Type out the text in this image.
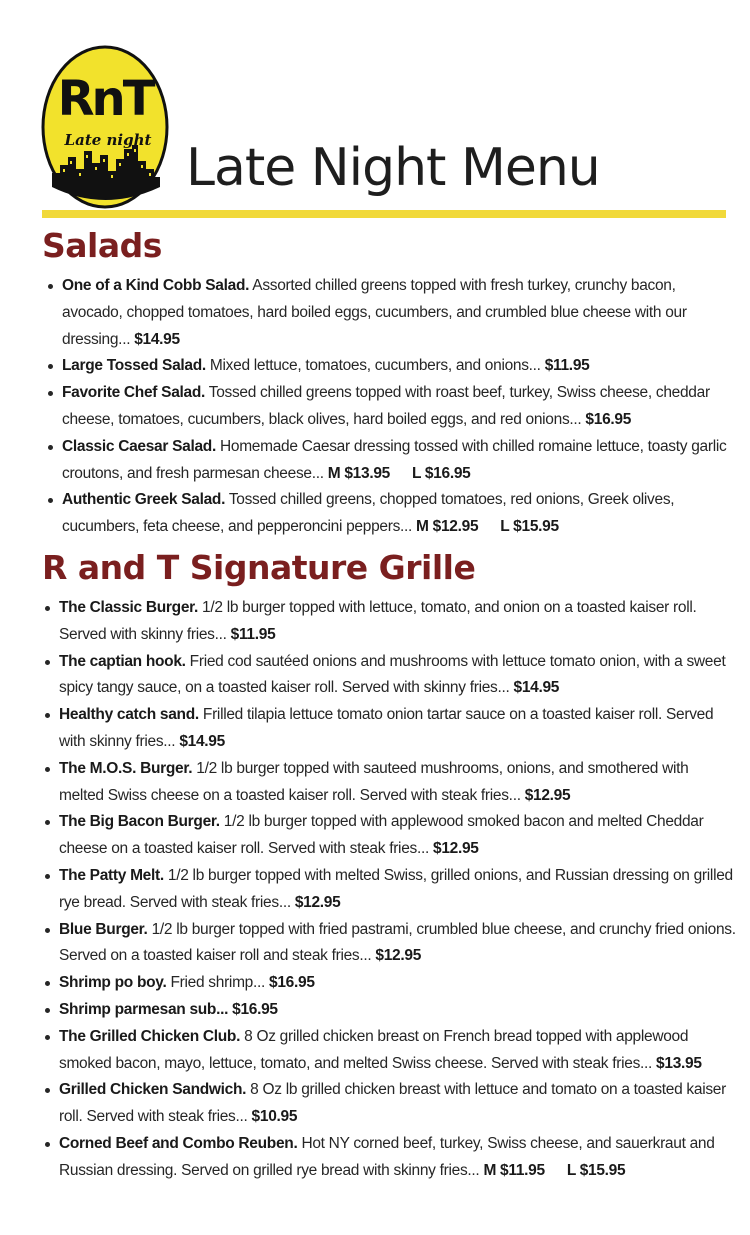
RnT
Late night Late Night Menu
Salads
One of a Kind Cobb Salad. Assorted chilled greens topped with fresh turkey, crunchy bacon, avocado, chopped tomatoes, hard boiled eggs, cucumbers, and crumbled blue cheese with our dressing... $14.95
Large Tossed Salad. Mixed lettuce, tomatoes, cucumbers, and onions... $11.95
Favorite Chef Salad. Tossed chilled greens topped with roast beef, turkey, Swiss cheese, cheddar cheese, tomatoes, cucumbers, black olives, hard boiled eggs, and red onions... $16.95
Classic Caesar Salad. Homemade Caesar dressing tossed with chilled romaine lettuce, toasty garlic croutons, and fresh parmesan cheese... M $13.95 L $16.95
Authentic Greek Salad. Tossed chilled greens, chopped tomatoes, red onions, Greek olives, cucumbers, feta cheese, and pepperoncini peppers... M $12.95 L $15.95
R and T Signature Grille
The Classic Burger. 1/2 lb burger topped with lettuce, tomato, and onion on a toasted kaiser roll. Served with skinny fries... $11.95
The captian hook. Fried cod sautéed onions and mushrooms with lettuce tomato onion, with a sweet spicy tangy sauce, on a toasted kaiser roll. Served with skinny fries... $14.95
Healthy catch sand. Frilled tilapia lettuce tomato onion tartar sauce on a toasted kaiser roll. Served with skinny fries... $14.95
The M.O.S. Burger. 1/2 lb burger topped with sauteed mushrooms, onions, and smothered with melted Swiss cheese on a toasted kaiser roll. Served with steak fries... $12.95
The Big Bacon Burger. 1/2 lb burger topped with applewood smoked bacon and melted Cheddar cheese on a toasted kaiser roll. Served with steak fries... $12.95
The Patty Melt. 1/2 lb burger topped with melted Swiss, grilled onions, and Russian dressing on grilled rye bread. Served with steak fries... $12.95
Blue Burger. 1/2 lb burger topped with fried pastrami, crumbled blue cheese, and crunchy fried onions. Served on a toasted kaiser roll and steak fries... $12.95
Shrimp po boy. Fried shrimp... $16.95
Shrimp parmesan sub... $16.95
The Grilled Chicken Club. 8 Oz grilled chicken breast on French bread topped with applewood smoked bacon, mayo, lettuce, tomato, and melted Swiss cheese. Served with steak fries... $13.95
Grilled Chicken Sandwich. 8 Oz lb grilled chicken breast with lettuce and tomato on a toasted kaiser roll. Served with steak fries... $10.95
Corned Beef and Combo Reuben. Hot NY corned beef, turkey, Swiss cheese, and sauerkraut and Russian dressing. Served on grilled rye bread with skinny fries... M $11.95 L $15.95
